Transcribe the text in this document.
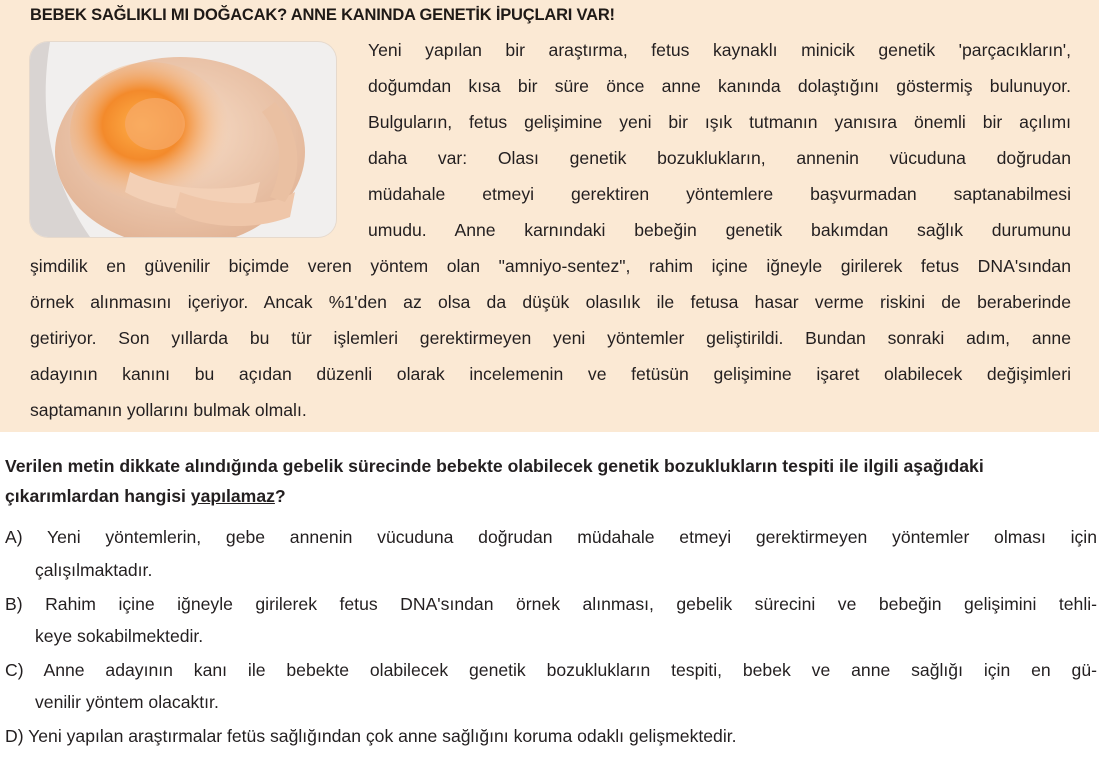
BEBEK SAĞLIKLI MI DOĞACAK? ANNE KANINDA GENETİK İPUÇLARI VAR!

Yeni yapılan bir araştırma, fetus kaynaklı minicik genetik 'parçacıkların',

doğumdan kısa bir süre önce anne kanında dolaştığını göstermiş bulunuyor.

Bulguların, fetus gelişimine yeni bir ışık tutmanın yanısıra önemli bir açılımı

daha var: Olası genetik bozuklukların, annenin vücuduna doğrudan

müdahale etmeyi gerektiren yöntemlere başvurmadan saptanabilmesi

umudu. Anne karnındaki bebeğin genetik bakımdan sağlık durumunu

şimdilik en güvenilir biçimde veren yöntem olan "amniyo-sentez", rahim içine iğneyle girilerek fetus DNA'sından

örnek alınmasını içeriyor. Ancak %1'den az olsa da düşük olasılık ile fetusa hasar verme riskini de beraberinde

getiriyor. Son yıllarda bu tür işlemleri gerektirmeyen yeni yöntemler geliştirildi. Bundan sonraki adım, anne

adayının kanını bu açıdan düzenli olarak incelemenin ve fetüsün gelişimine işaret olabilecek değişimleri

saptamanın yollarını bulmak olmalı.

Verilen metin dikkate alındığında gebelik sürecinde bebekte olabilecek genetik bozuklukların tespiti ile ilgili aşağıdaki çıkarımlardan hangisi yapılamaz?

A) Yeni yöntemlerin, gebe annenin vücuduna doğrudan müdahale etmeyi gerektirmeyen yöntemler olması için

çalışılmaktadır.

B) Rahim içine iğneyle girilerek fetus DNA'sından örnek alınması, gebelik sürecini ve bebeğin gelişimini tehli-

keye sokabilmektedir.

C) Anne adayının kanı ile bebekte olabilecek genetik bozuklukların tespiti, bebek ve anne sağlığı için en gü-

venilir yöntem olacaktır.

D) Yeni yapılan araştırmalar fetüs sağlığından çok anne sağlığını koruma odaklı gelişmektedir.
